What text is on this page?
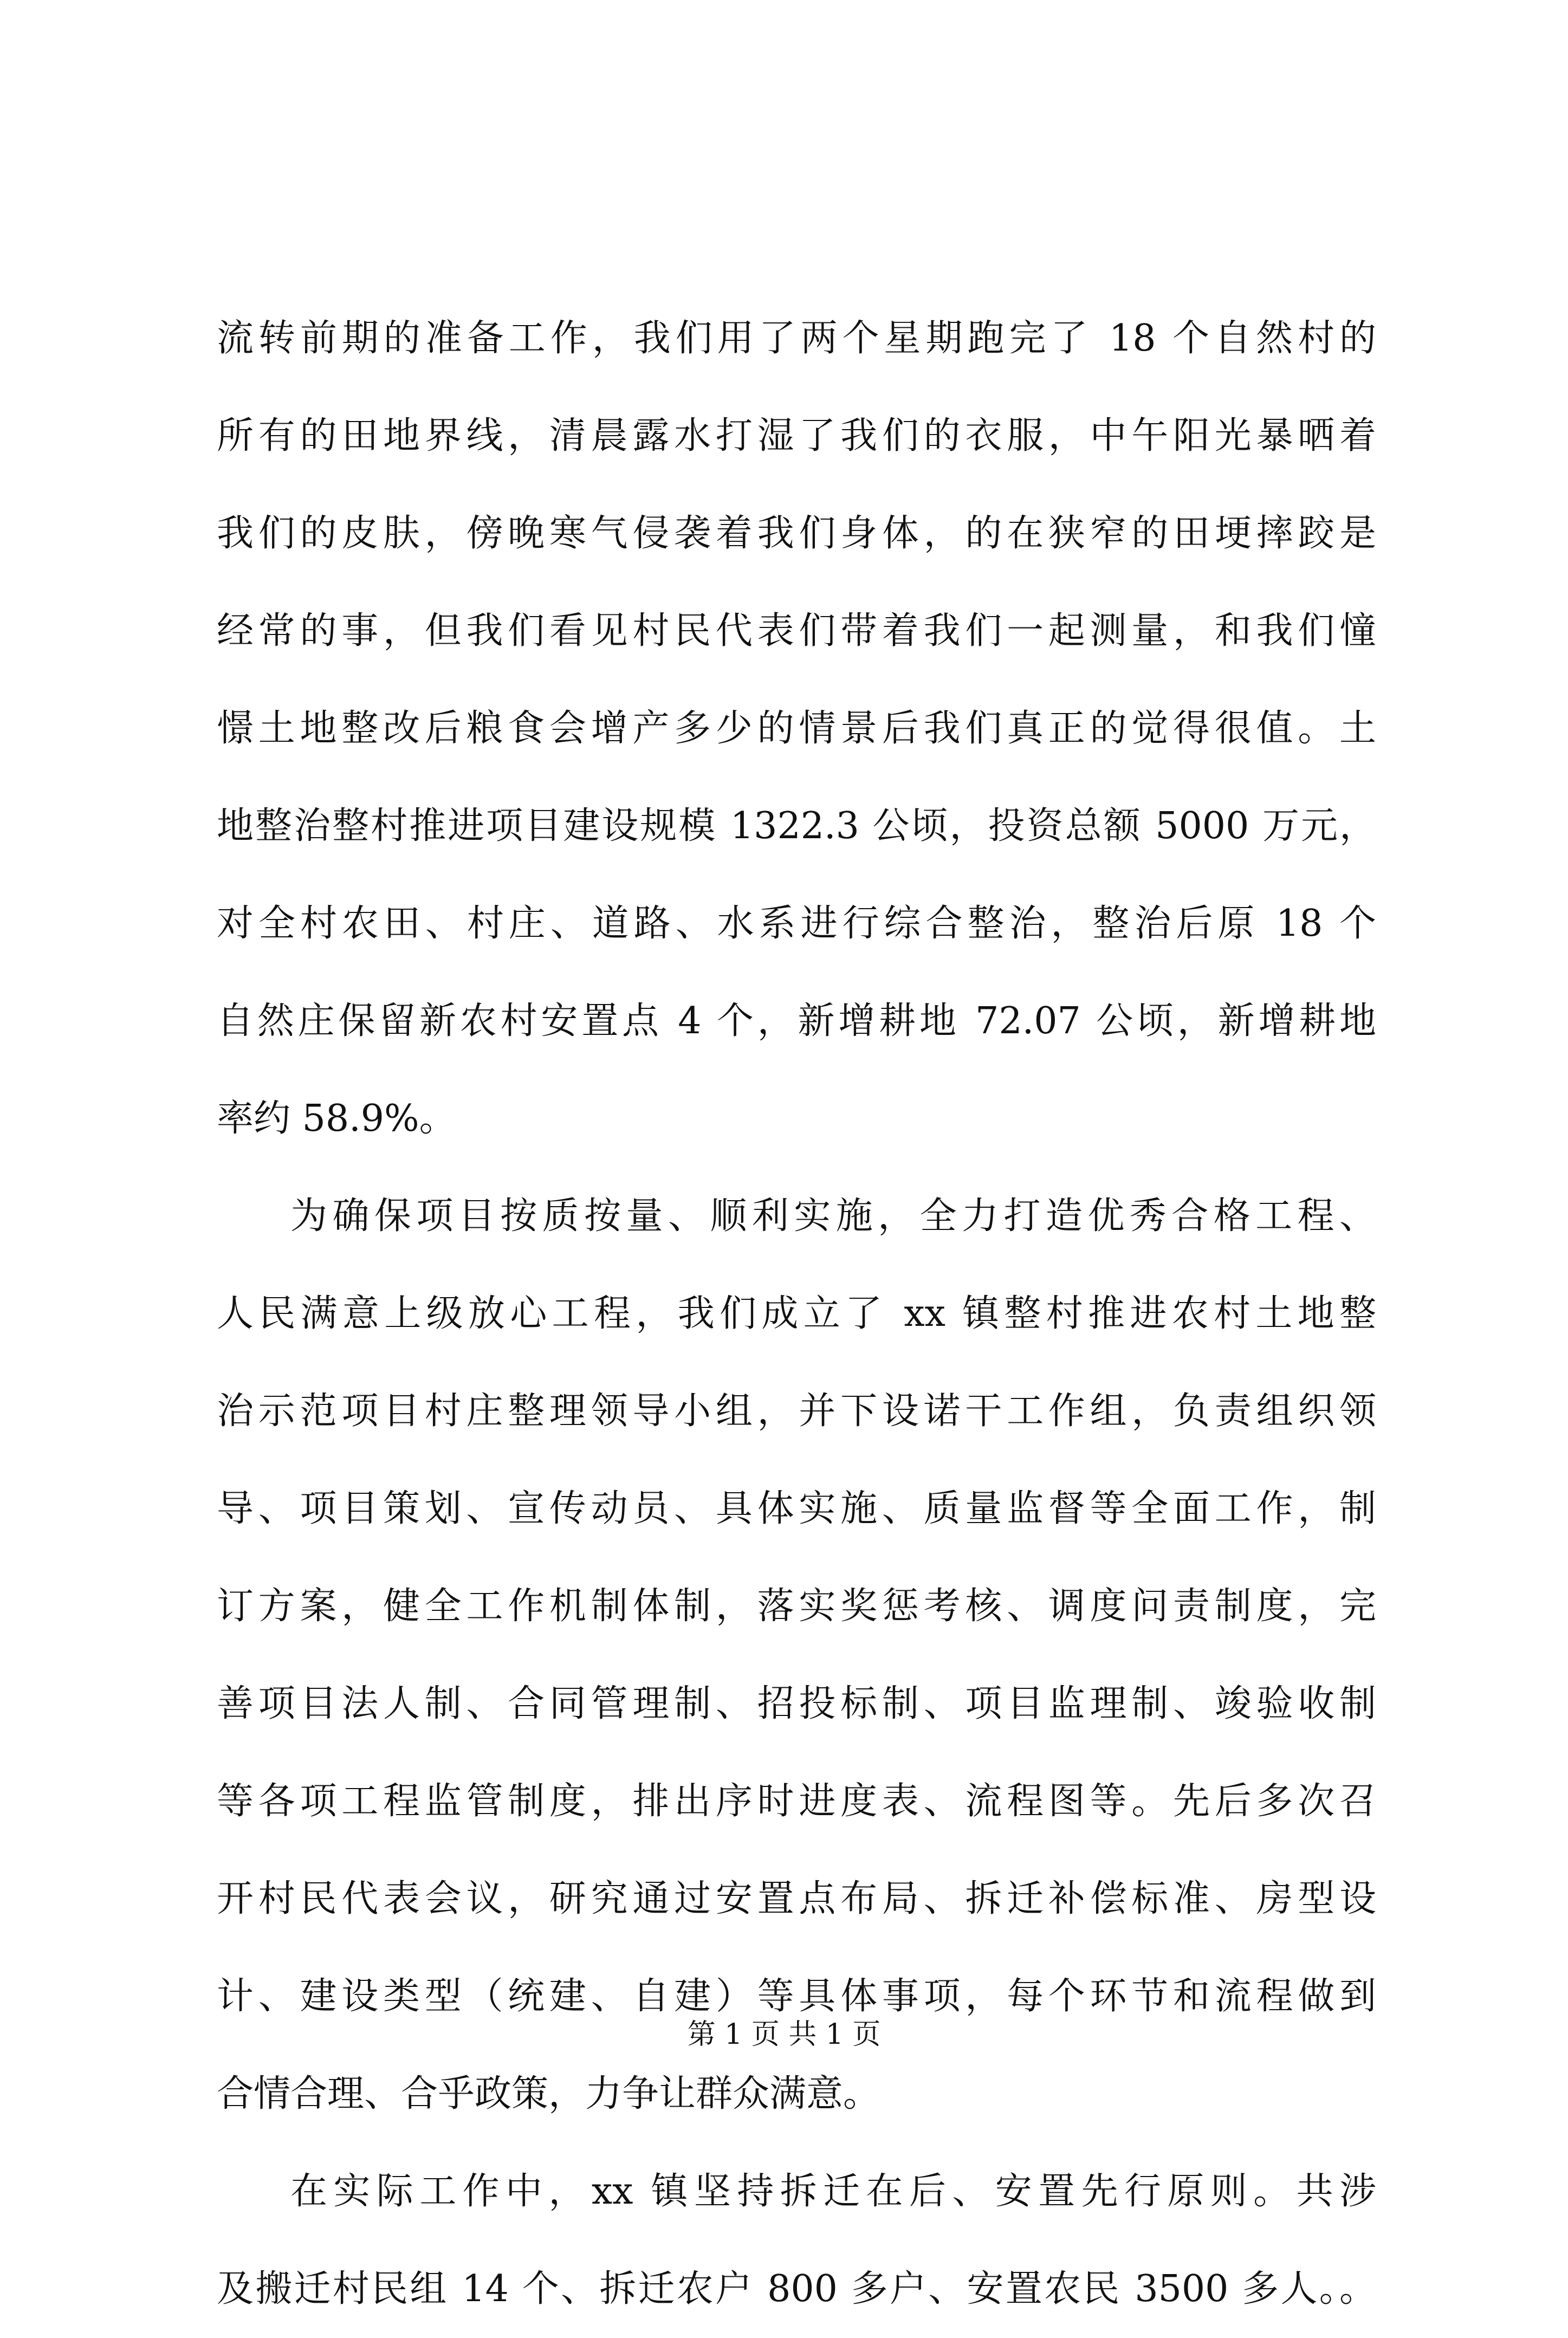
流转前期的准备工作，我们用了两个星期跑完了 18 个自然村的
所有的田地界线，清晨露水打湿了我们的衣服，中午阳光暴晒着
我们的皮肤，傍晚寒气侵袭着我们身体，的在狭窄的田埂摔跤是
经常的事，但我们看见村民代表们带着我们一起测量，和我们憧
憬土地整改后粮食会增产多少的情景后我们真正的觉得很值。土
地整治整村推进项目建设规模 1322.3 公顷，投资总额 5000 万元，
对全村农田、村庄、道路、水系进行综合整治，整治后原 18 个
自然庄保留新农村安置点 4 个，新增耕地 72.07 公顷，新增耕地
率约 58.9%。
为确保项目按质按量、顺利实施，全力打造优秀合格工程、
人民满意上级放心工程，我们成立了 xx 镇整村推进农村土地整
治示范项目村庄整理领导小组，并下设诺干工作组，负责组织领
导、项目策划、宣传动员、具体实施、质量监督等全面工作，制
订方案，健全工作机制体制，落实奖惩考核、调度问责制度，完
善项目法人制、合同管理制、招投标制、项目监理制、竣验收制
等各项工程监管制度，排出序时进度表、流程图等。先后多次召
开村民代表会议，研究通过安置点布局、拆迁补偿标准、房型设
计、建设类型（统建、自建）等具体事项，每个环节和流程做到
合情合理、合乎政策，力争让群众满意。
在实际工作中，xx 镇坚持拆迁在后、安置先行原则。共涉
及搬迁村民组 14 个、拆迁农户 800 多户、安置农民 3500 多人。。
第 1 页 共 1 页
